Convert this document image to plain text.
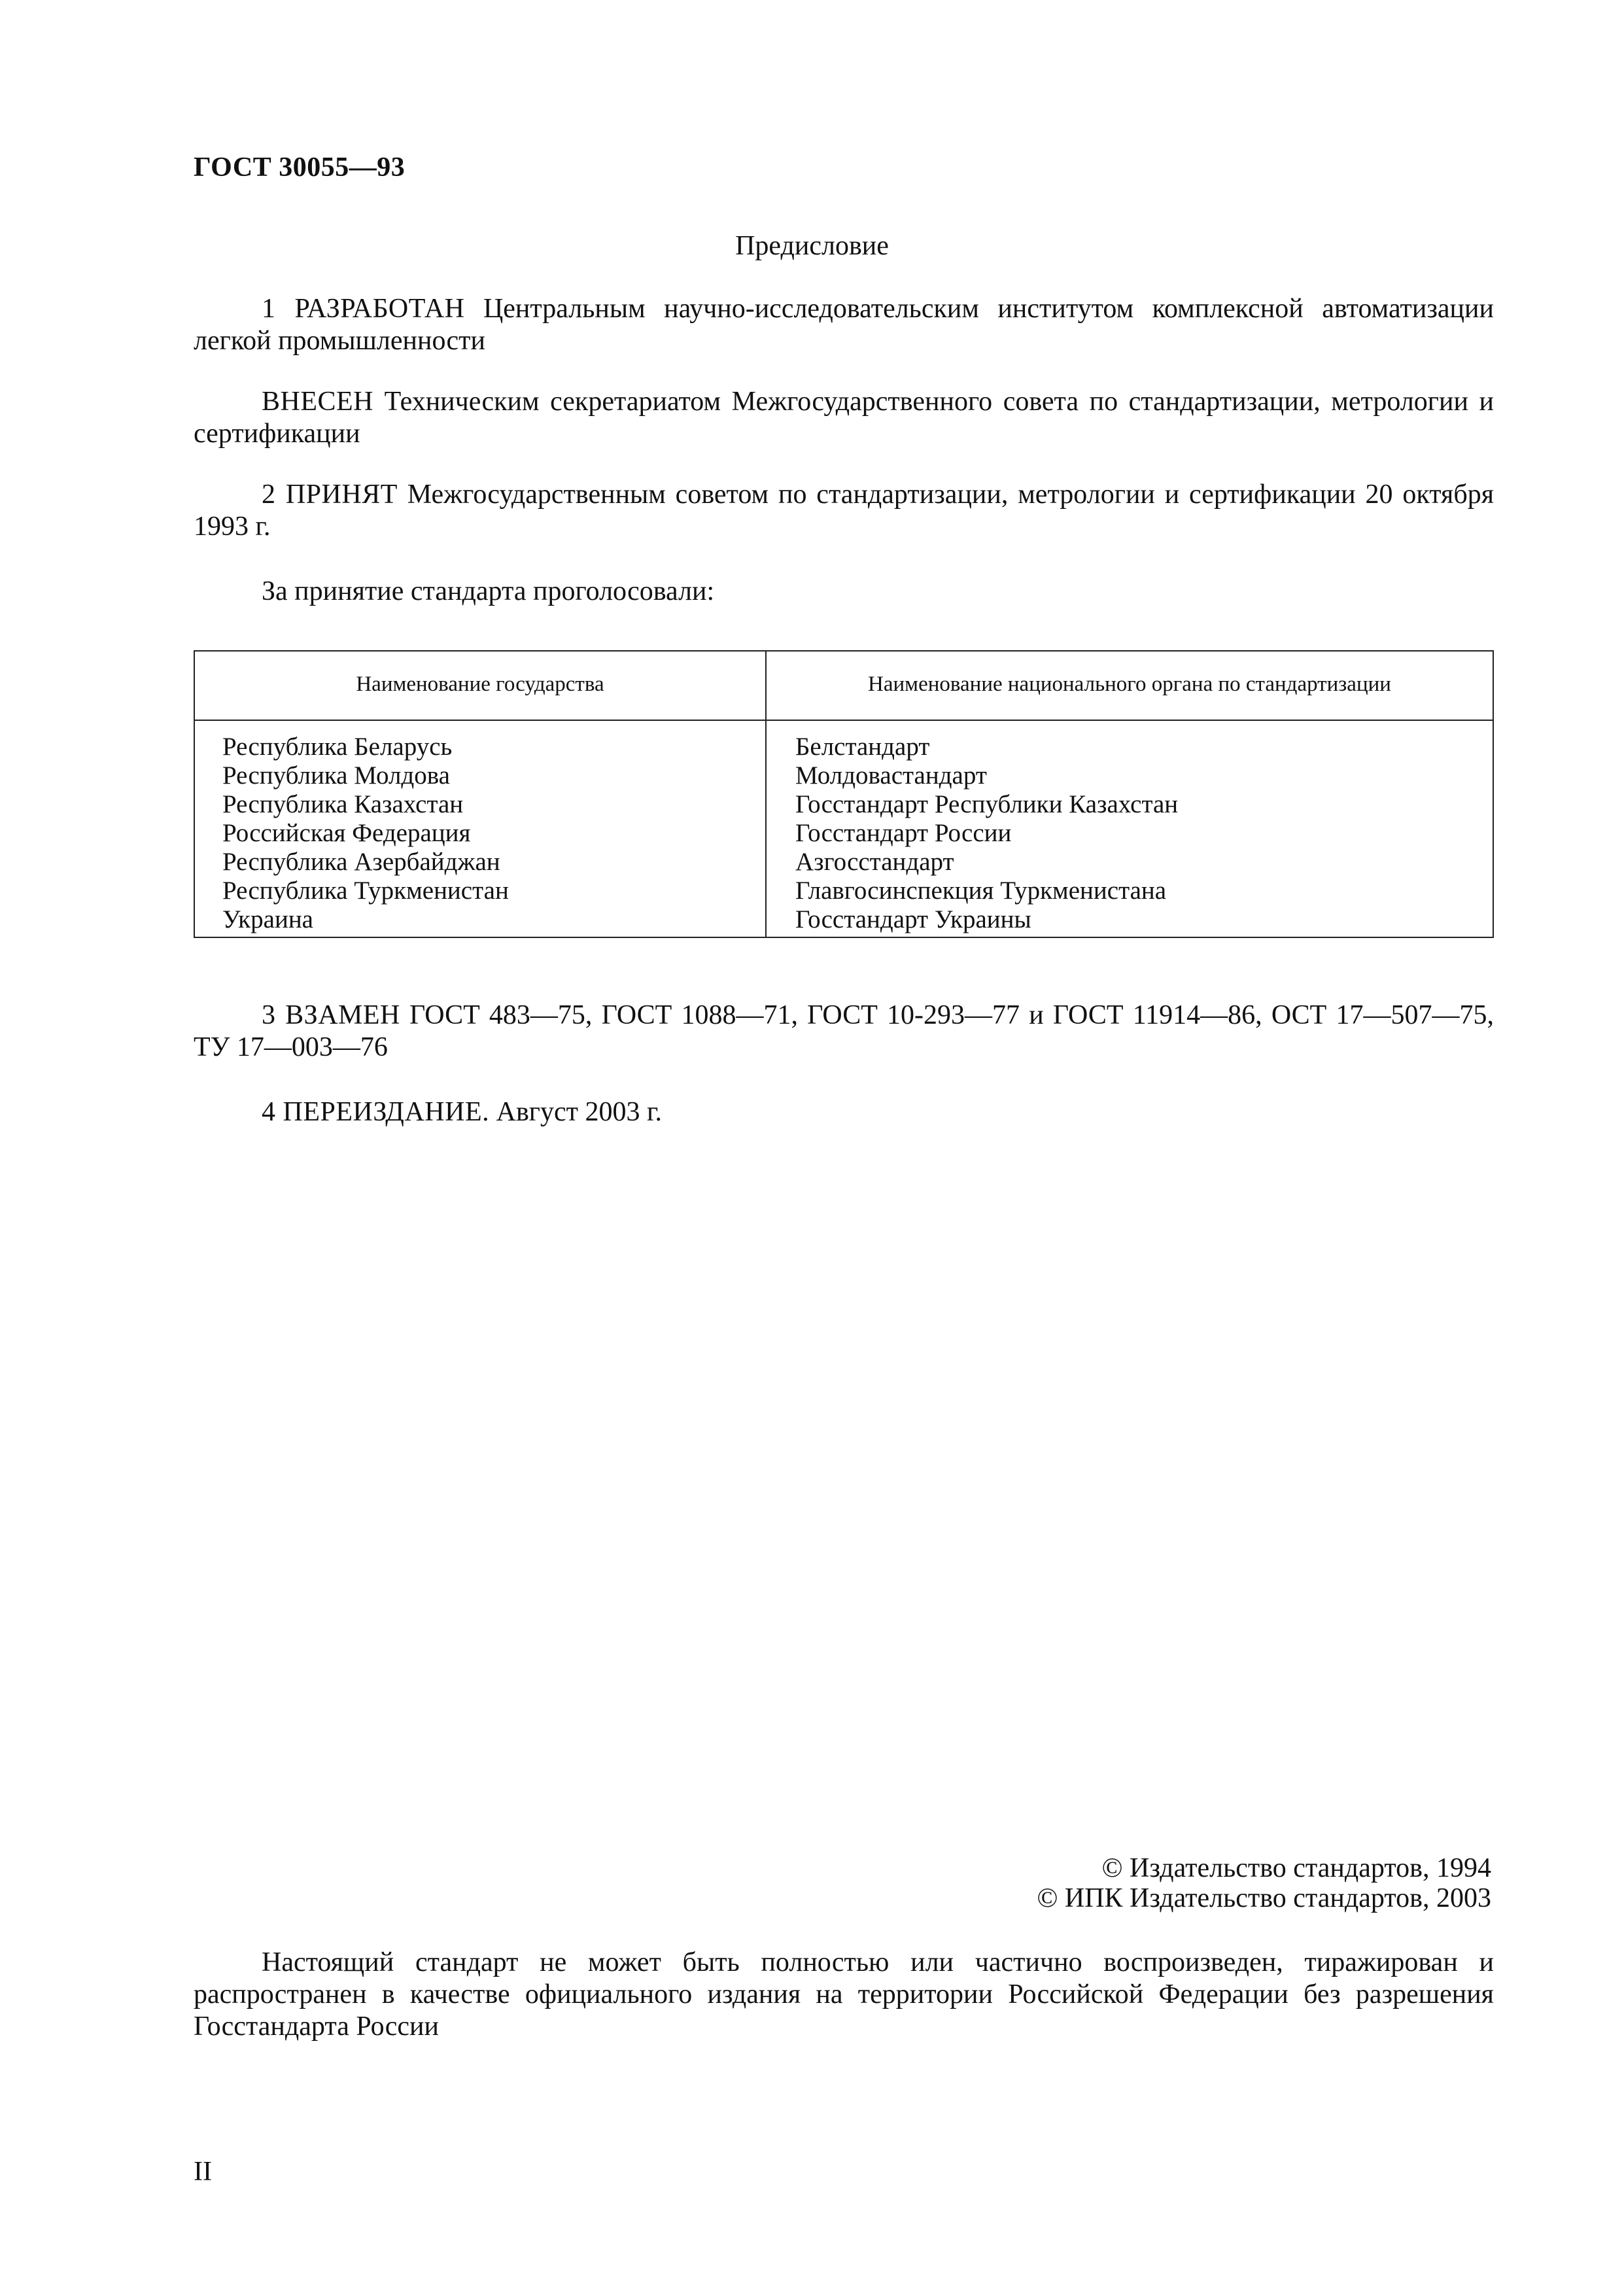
ГОСТ 30055—93
Предисловие

1 РАЗРАБОТАН Центральным научно-исследовательским институтом комплексной автоматизации легкой промышленности

ВНЕСЕН Техническим секретариатом Межгосударственного совета по стандартизации, метрологии и сертификации

2 ПРИНЯТ Межгосударственным советом по стандартизации, метрологии и сертификации 20 октября 1993 г.

За принятие стандарта проголосовали:

Наименование государства	Наименование национального органа по стандартизации
Республика Беларусь
Республика Молдова
Республика Казахстан
Российская Федерация
Республика Азербайджан
Республика Туркменистан
Украина
Белстандарт
Молдовастандарт
Госстандарт Республики Казахстан
Госстандарт России
Азгосстандарт
Главгосинспекция Туркменистана
Госстандарт Украины

3 ВЗАМЕН ГОСТ 483—75, ГОСТ 1088—71, ГОСТ 10-293—77 и ГОСТ 11914—86, ОСТ 17—507—75, ТУ 17—003—76

4 ПЕРЕИЗДАНИЕ. Август 2003 г.

© Издательство стандартов, 1994
© ИПК Издательство стандартов, 2003

Настоящий стандарт не может быть полностью или частично воспроизведен, тиражирован и распространен в качестве официального издания на территории Российской Федерации без разрешения Госстандарта России

II
